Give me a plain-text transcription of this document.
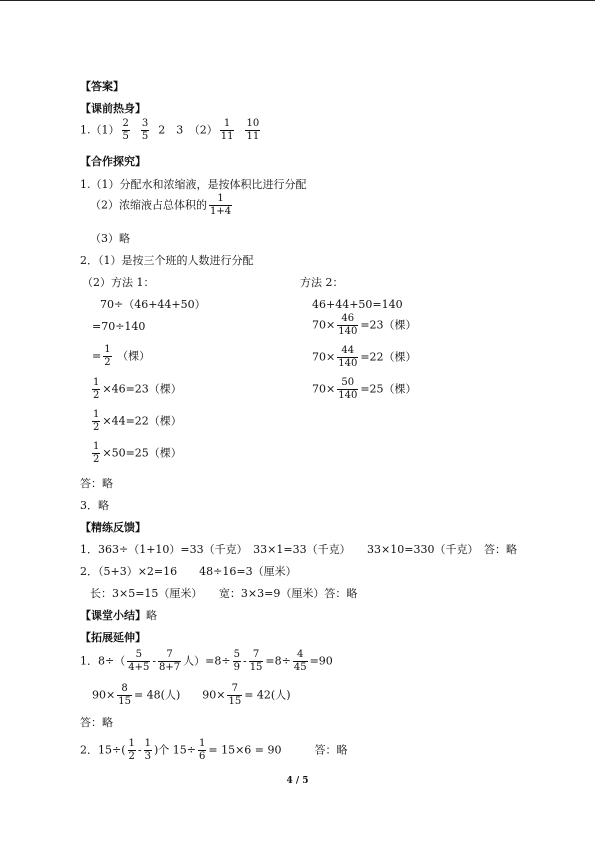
【答案】
【课前热身】
$1.(1) \frac{2}{5}$
$\frac{3}{5} 2$　3　$(2) \frac{1}{11}$
$\frac{10}{11}$
【合作探究】
1.（1）分配水和浓缩液，是按体积比进行分配
（2）浓缩液占总体积的 $\frac{1}{1+4}$
（3）略
2．（1）是按三个班的人数进行分配
（2）方法 1：	方法 2：
70÷（46+44+50）
=70÷140
= $\frac{1}{2}$ （棵）
$\frac{1}{2} \times 46=23$（棵）
$\frac{1}{2} \times 44=22$（棵）
$\frac{1}{2} \times 50=25$（棵）
46+44+50=140
$70\times \frac{46}{140} =23$（棵）
$70\times \frac{44}{140} =22$（棵）
$70\times \frac{50}{140} =25$（棵）
答：略
3．略
【精练反馈】
1．363÷（1+10）=33（千克）　33×1=33（千克）　　33×10=330（千克）　答：略
2．（5+3）×2=16　　48÷16=3（厘米）
长：3×5=15（厘米）　　宽：3×3=9（厘米）答：略
【课堂小结】略
【拓展延伸】
1．$8\div( \frac{5}{4+5} - \frac{7}{8+7}$ 人）$=8\div \frac{5}{9} - \frac{7}{15} =8\div \frac{4}{45} =90$
$90\times \frac{8}{15} = 48$(人)　　$90\times \frac{7}{15} = 42$(人)
答：略
2．$15\div( \frac{1}{2} - \frac{1}{3}$ )个 $15\div \frac{1}{6} = 15\times 6 = 90$　　　答：略
4 / 5
